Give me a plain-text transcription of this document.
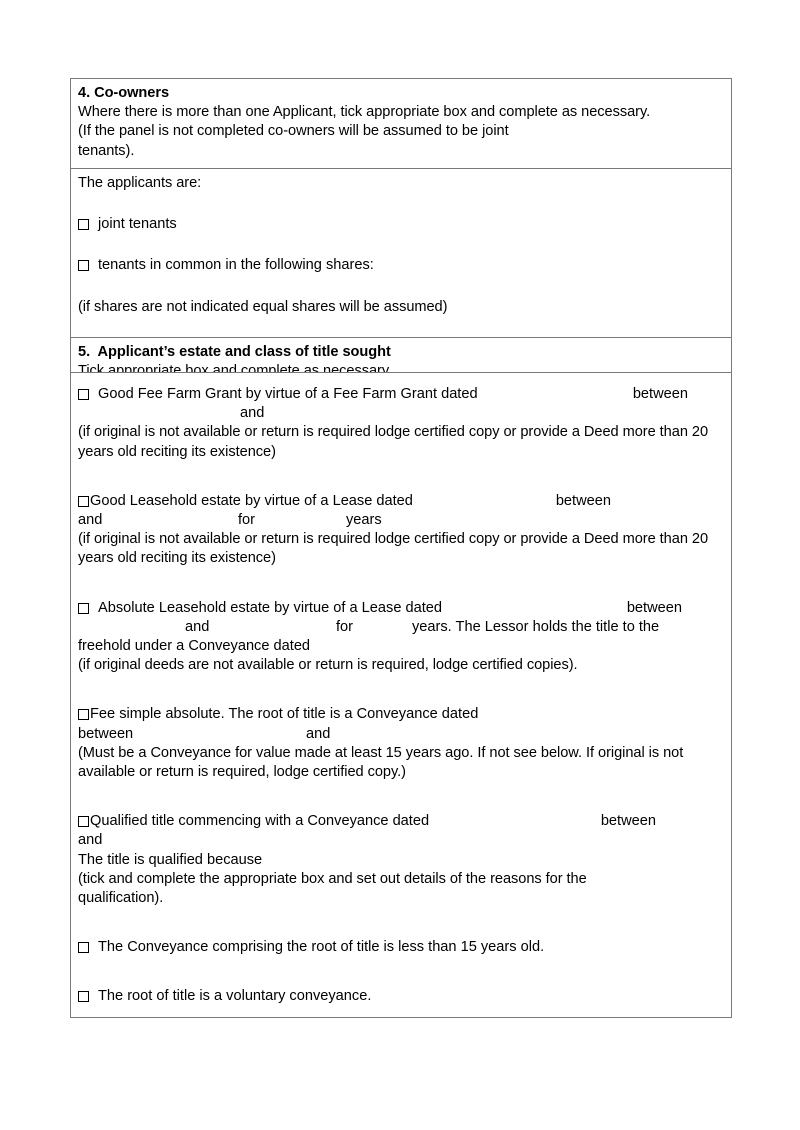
4. Co-owners
Where there is more than one Applicant, tick appropriate box and complete as necessary.
(If the panel is not completed co-owners will be assumed to be joint
tenants).
The applicants are:
joint tenants
tenants in common in the following shares:
(if shares are not indicated equal shares will be assumed)
5.  Applicant’s estate and class of title sought
Good Fee Farm Grant by virtue of a Fee Farm Grant dated	between

and

(if original is not available or return is required lodge certified copy or provide a Deed more than 20 years old reciting its existence)
Good Leasehold estate by virtue of a Lease dated	between

and

	for

	years

(if original is not available or return is required lodge certified copy or provide a Deed more than 20 years old reciting its existence)
Absolute Leasehold estate by virtue of a Lease dated	between

and

	for

	years. The Lessor holds the title to the

freehold under a Conveyance dated

(if original deeds are not available or return is required, lodge certified copies).
Fee simple absolute. The root of title is a Conveyance dated

between

	and

(Must be a Conveyance for value made at least 15 years ago. If not see below. If original is not available or return is required, lodge certified copy.)
Qualified title commencing with a Conveyance dated	between

and

The title is qualified because

(tick and complete the appropriate box and set out details of the reasons for the qualification).
The Conveyance comprising the root of title is less than 15 years old.
The root of title is a voluntary conveyance.
